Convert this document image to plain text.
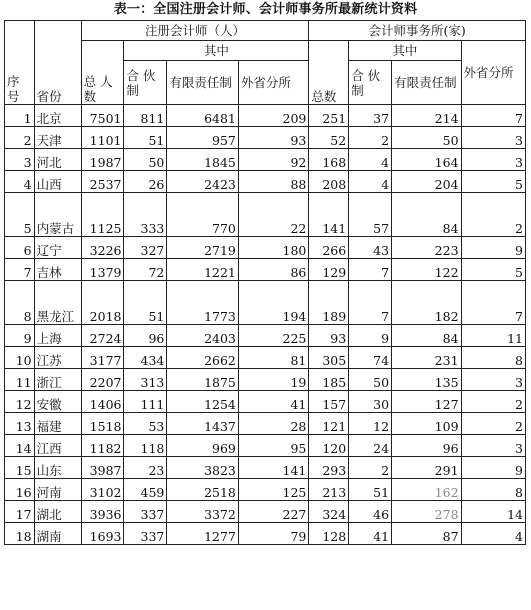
表一：全国注册会计师、会计师事务所最新统计资料
序号	省份	注册会计师（人）				会计师事务所(家)			
		总 人数	其中			总数	其中		外省分所
			合 伙制	有限责任制	外省分所		合 伙制	有限责任制	
1	北京	7501	811	6481	209	251	37	214	7
2	天津	1101	51	957	93	52	2	50	3
3	河北	1987	50	1845	92	168	4	164	3
4	山西	2537	26	2423	88	208	4	204	5
5	内蒙古	1125	333	770	22	141	57	84	2
6	辽宁	3226	327	2719	180	266	43	223	9
7	吉林	1379	72	1221	86	129	7	122	5
8	黑龙江	2018	51	1773	194	189	7	182	7
9	上海	2724	96	2403	225	93	9	84	11
10	江苏	3177	434	2662	81	305	74	231	8
11	浙江	2207	313	1875	19	185	50	135	3
12	安徽	1406	111	1254	41	157	30	127	2
13	福建	1518	53	1437	28	121	12	109	2
14	江西	1182	118	969	95	120	24	96	3
15	山东	3987	23	3823	141	293	2	291	9
16	河南	3102	459	2518	125	213	51	162	8
17	湖北	3936	337	3372	227	324	46	278	14
18	湖南	1693	337	1277	79	128	41	87	4
